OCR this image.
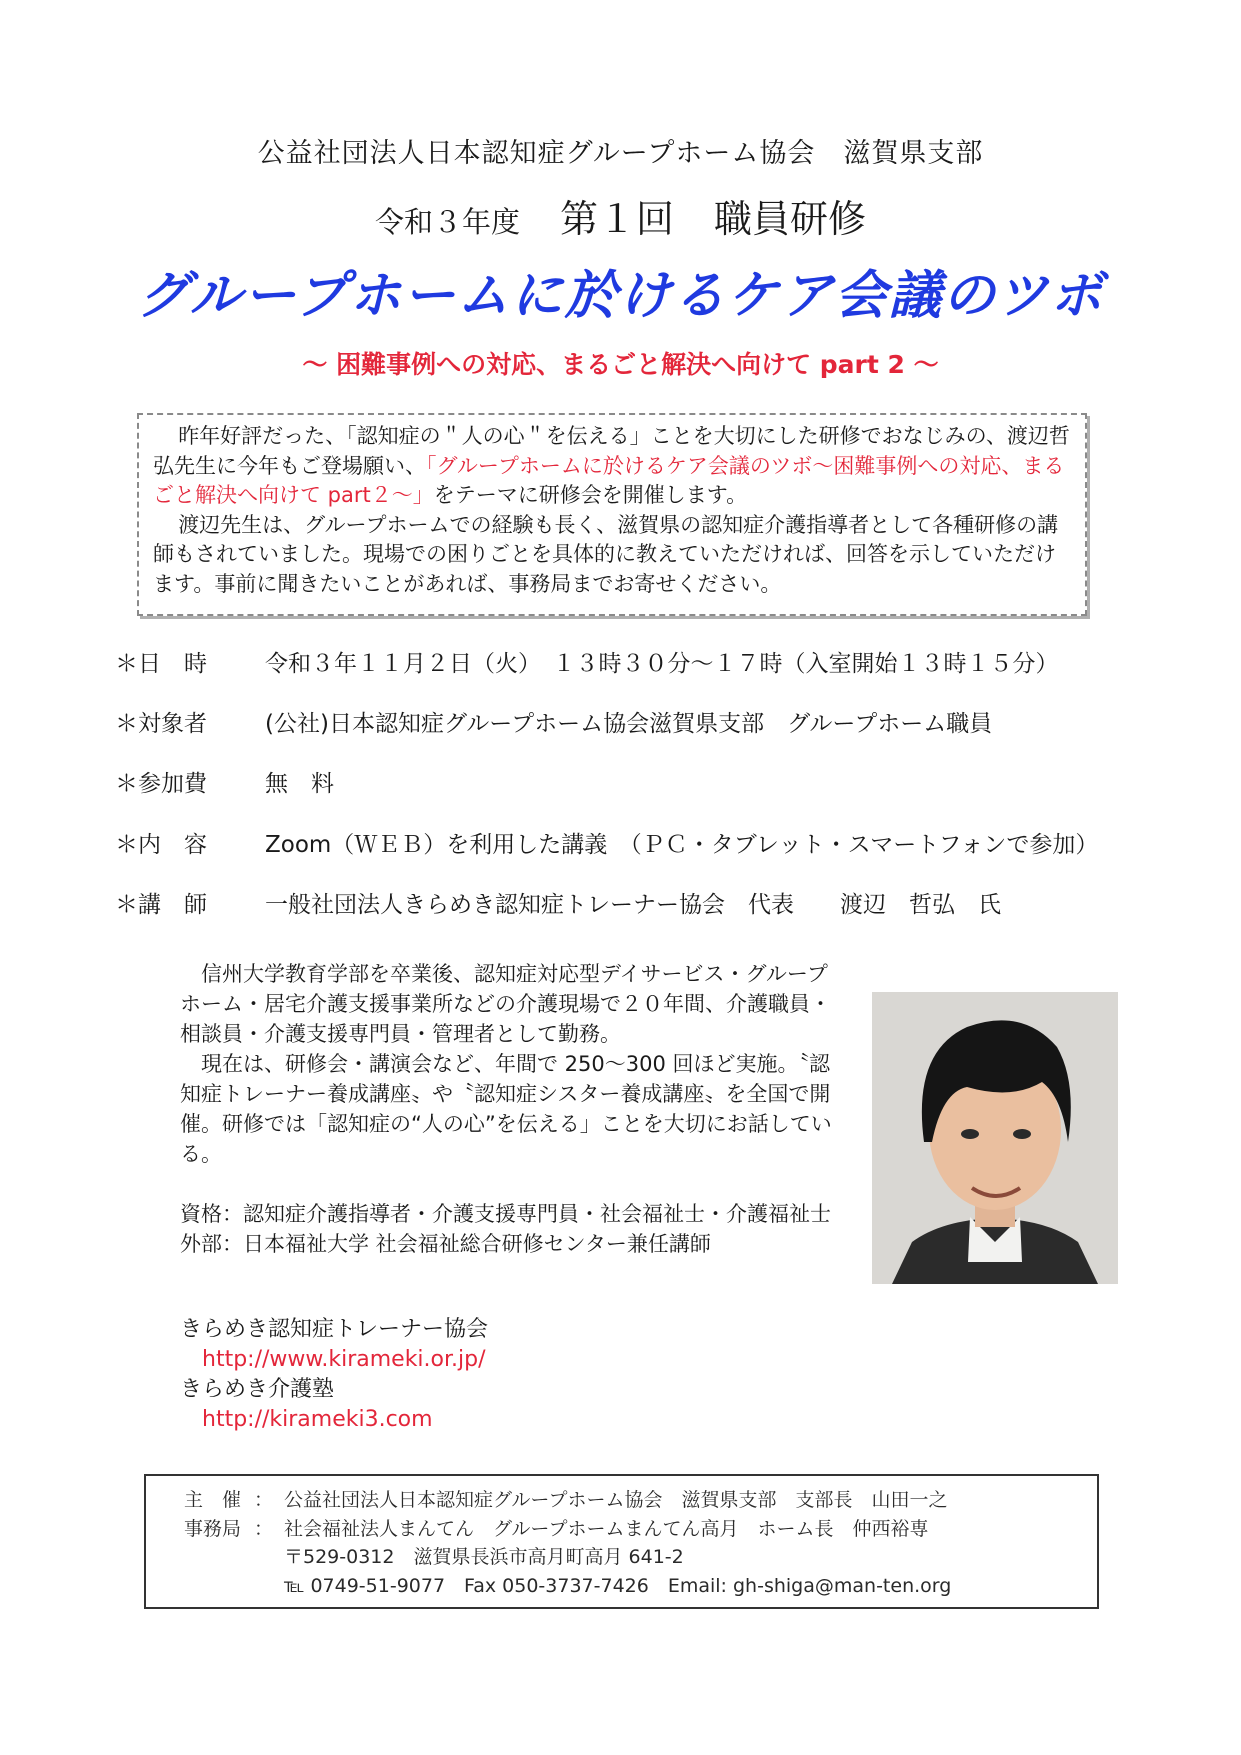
公益社団法人日本認知症グループホーム協会　滋賀県支部
令和３年度 第１回 職員研修
グループホームに於けるケア会議のツボ
～ 困難事例への対応、まるごと解決へ向けて part 2 ～

昨年好評だった、「認知症の＂人の心＂を伝える」ことを大切にした研修でおなじみの、渡辺哲弘先生に今年もご登場願い、「グループホームに於けるケア会議のツボ～困難事例への対応、まるごと解決へ向けて part２～」をテーマに研修会を開催します。

渡辺先生は、グループホームでの経験も長く、滋賀県の認知症介護指導者として各種研修の講師もされていました。現場での困りごとを具体的に教えていただければ、回答を示していただけます。事前に聞きたいことがあれば、事務局までお寄せください。

＊日　時	令和３年１１月２日（火）　１３時３０分～１７時（入室開始１３時１５分）
＊対象者	(公社)日本認知症グループホーム協会滋賀県支部　グループホーム職員
＊参加費	無　料
＊内　容	Zoom（ＷＥＢ）を利用した講義　（ＰＣ・タブレット・スマートフォンで参加）
＊講　師	一般社団法人きらめき認知症トレーナー協会　代表　　渡辺　哲弘　氏

信州大学教育学部を卒業後、認知症対応型デイサービス・グループホーム・居宅介護支援事業所などの介護現場で２０年間、介護職員・相談員・介護支援専門員・管理者として勤務。

現在は、研修会・講演会など、年間で 250～300 回ほど実施。〝認知症トレーナー養成講座〟や〝認知症シスター養成講座〟を全国で開催。研修では「認知症の“人の心”を伝える」ことを大切にお話している。

資格： 認知症介護指導者・介護支援専門員・社会福祉士・介護福祉士

外部： 日本福祉大学 社会福祉総合研修センター兼任講師

きらめき認知症トレーナー協会
http://www.kirameki.or.jp/
きらめき介護塾
http://kirameki3.com
主　催 ： 公益社団法人日本認知症グループホーム協会　滋賀県支部　支部長　山田一之
事務局 ： 社会福祉法人まんてん　グループホームまんてん高月　ホーム長　仲西裕専
〒529-0312　滋賀県長浜市高月町高月 641-2
℡ 0749-51-9077　Fax 050-3737-7426　Email: gh-shiga@man-ten.org
